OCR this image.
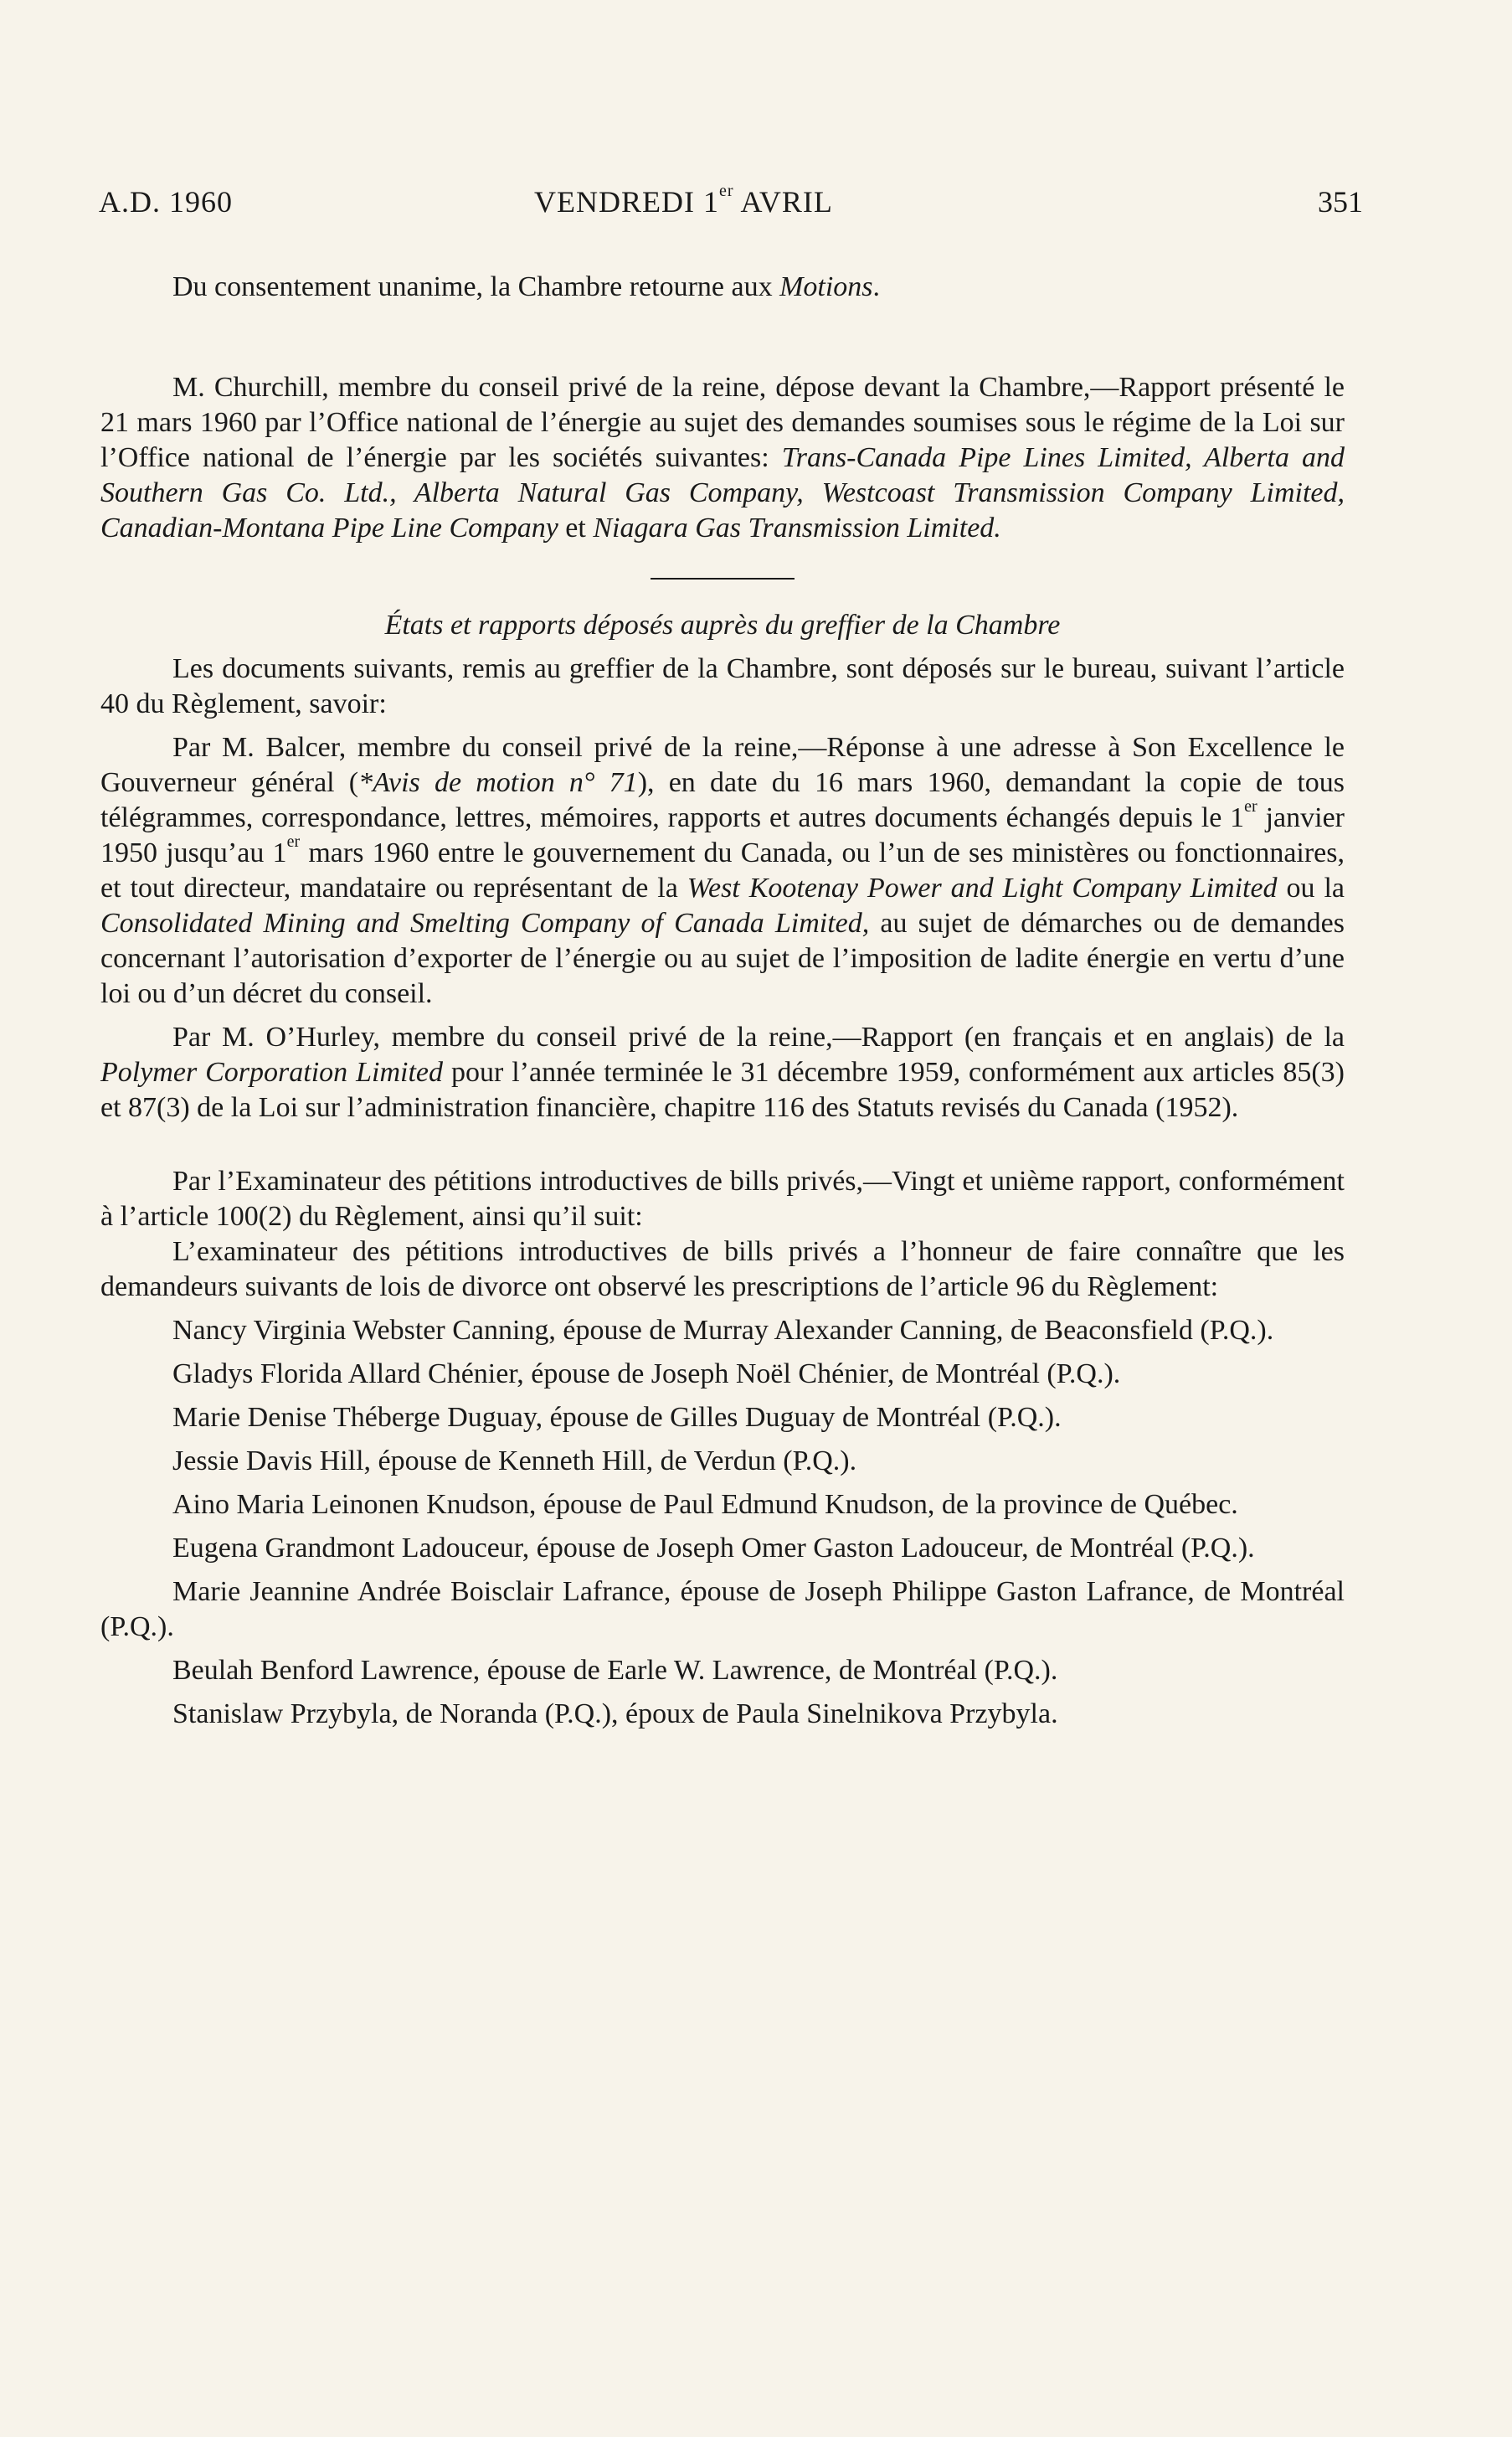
A.D. 1960	VENDREDI 1er AVRIL	351

Du consentement unanime, la Chambre retourne aux Motions.

M. Churchill, membre du conseil privé de la reine, dépose devant la Chambre,—Rapport présenté le 21 mars 1960 par l’Office national de l’énergie au sujet des demandes soumises sous le régime de la Loi sur l’Office national de l’énergie par les sociétés suivantes: Trans-Canada Pipe Lines Limited, Alberta and Southern Gas Co. Ltd., Alberta Natural Gas Company, Westcoast Transmission Company Limited, Canadian-Montana Pipe Line Company et Niagara Gas Transmission Limited.

États et rapports déposés auprès du greffier de la Chambre

Les documents suivants, remis au greffier de la Chambre, sont déposés sur le bureau, suivant l’article 40 du Règlement, savoir:

Par M. Balcer, membre du conseil privé de la reine,—Réponse à une adresse à Son Excellence le Gouverneur général (*Avis de motion n° 71), en date du 16 mars 1960, demandant la copie de tous télégrammes, correspondance, lettres, mémoires, rapports et autres documents échangés depuis le 1er janvier 1950 jusqu’au 1er mars 1960 entre le gouvernement du Canada, ou l’un de ses ministères ou fonctionnaires, et tout directeur, mandataire ou représentant de la West Kootenay Power and Light Company Limited ou la Consolidated Mining and Smelting Company of Canada Limited, au sujet de démarches ou de demandes concernant l’autorisation d’exporter de l’énergie ou au sujet de l’imposition de ladite énergie en vertu d’une loi ou d’un décret du conseil.

Par M. O’Hurley, membre du conseil privé de la reine,—Rapport (en français et en anglais) de la Polymer Corporation Limited pour l’année terminée le 31 décembre 1959, conformément aux articles 85(3) et 87(3) de la Loi sur l’administration financière, chapitre 116 des Statuts revisés du Canada (1952).

Par l’Examinateur des pétitions introductives de bills privés,—Vingt et unième rapport, conformément à l’article 100(2) du Règlement, ainsi qu’il suit:

L’examinateur des pétitions introductives de bills privés a l’honneur de faire connaître que les demandeurs suivants de lois de divorce ont observé les prescriptions de l’article 96 du Règlement:

Nancy Virginia Webster Canning, épouse de Murray Alexander Canning, de Beaconsfield (P.Q.).

Gladys Florida Allard Chénier, épouse de Joseph Noël Chénier, de Montréal (P.Q.).

Marie Denise Théberge Duguay, épouse de Gilles Duguay de Montréal (P.Q.).

Jessie Davis Hill, épouse de Kenneth Hill, de Verdun (P.Q.).

Aino Maria Leinonen Knudson, épouse de Paul Edmund Knudson, de la province de Québec.

Eugena Grandmont Ladouceur, épouse de Joseph Omer Gaston Ladouceur, de Montréal (P.Q.).

Marie Jeannine Andrée Boisclair Lafrance, épouse de Joseph Philippe Gaston Lafrance, de Montréal (P.Q.).

Beulah Benford Lawrence, épouse de Earle W. Lawrence, de Montréal (P.Q.).

Stanislaw Przybyla, de Noranda (P.Q.), époux de Paula Sinelnikova Przybyla.
